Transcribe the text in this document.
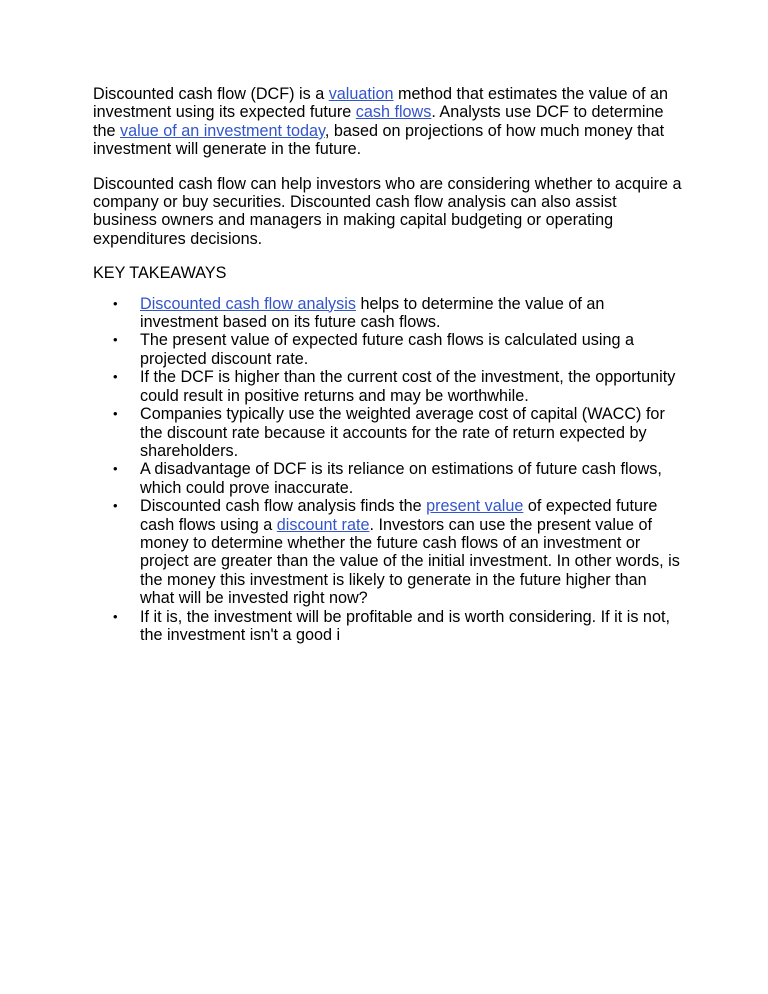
Discounted cash flow (DCF) is a valuation method that estimates the value of an investment using its expected future cash flows. Analysts use DCF to determine the value of an investment today, based on projections of how much money that investment will generate in the future.

Discounted cash flow can help investors who are considering whether to acquire a company or buy securities. Discounted cash flow analysis can also assist business owners and managers in making capital budgeting or operating expenditures decisions.

KEY TAKEAWAYS

• Discounted cash flow analysis helps to determine the value of an investment based on its future cash flows.
• The present value of expected future cash flows is calculated using a projected discount rate.
• If the DCF is higher than the current cost of the investment, the opportunity could result in positive returns and may be worthwhile.
• Companies typically use the weighted average cost of capital (WACC) for the discount rate because it accounts for the rate of return expected by shareholders.
• A disadvantage of DCF is its reliance on estimations of future cash flows, which could prove inaccurate.
• Discounted cash flow analysis finds the present value of expected future cash flows using a discount rate. Investors can use the present value of money to determine whether the future cash flows of an investment or project are greater than the value of the initial investment. In other words, is the money this investment is likely to generate in the future higher than what will be invested right now?
• If it is, the investment will be profitable and is worth considering. If it is not, the investment isn't a good i
